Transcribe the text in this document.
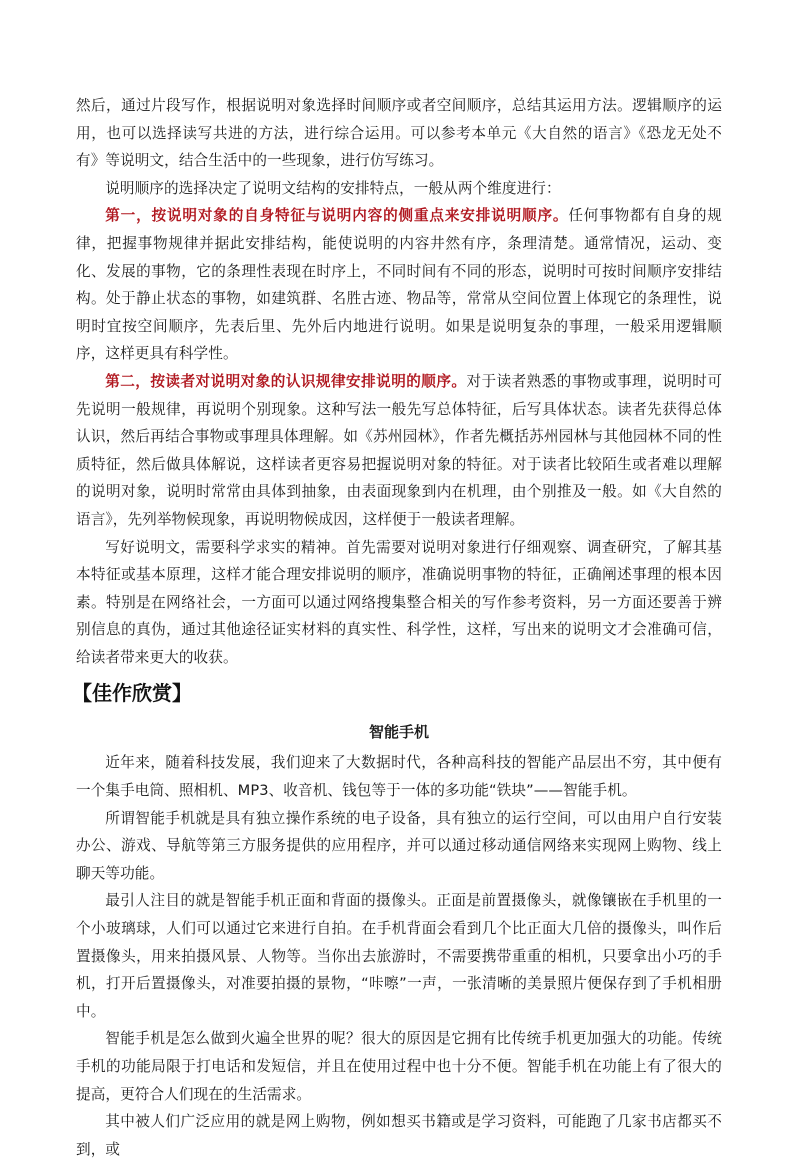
然后，通过片段写作，根据说明对象选择时间顺序或者空间顺序，总结其运用方法。逻辑顺序的运用，也可以选择读写共进的方法，进行综合运用。可以参考本单元《大自然的语言》《恐龙无处不有》等说明文，结合生活中的一些现象，进行仿写练习。

说明顺序的选择决定了说明文结构的安排特点，一般从两个维度进行：

第一，按说明对象的自身特征与说明内容的侧重点来安排说明顺序。任何事物都有自身的规律，把握事物规律并据此安排结构，能使说明的内容井然有序，条理清楚。通常情况，运动、变化、发展的事物，它的条理性表现在时序上，不同时间有不同的形态，说明时可按时间顺序安排结构。处于静止状态的事物，如建筑群、名胜古迹、物品等，常常从空间位置上体现它的条理性，说明时宜按空间顺序，先表后里、先外后内地进行说明。如果是说明复杂的事理，一般采用逻辑顺序，这样更具有科学性。

第二，按读者对说明对象的认识规律安排说明的顺序。对于读者熟悉的事物或事理，说明时可先说明一般规律，再说明个别现象。这种写法一般先写总体特征，后写具体状态。读者先获得总体认识，然后再结合事物或事理具体理解。如《苏州园林》，作者先概括苏州园林与其他园林不同的性质特征，然后做具体解说，这样读者更容易把握说明对象的特征。对于读者比较陌生或者难以理解的说明对象，说明时常常由具体到抽象，由表面现象到内在机理，由个别推及一般。如《大自然的语言》，先列举物候现象，再说明物候成因，这样便于一般读者理解。

写好说明文，需要科学求实的精神。首先需要对说明对象进行仔细观察、调查研究，了解其基本特征或基本原理，这样才能合理安排说明的顺序，准确说明事物的特征，正确阐述事理的根本因素。特别是在网络社会，一方面可以通过网络搜集整合相关的写作参考资料，另一方面还要善于辨别信息的真伪，通过其他途径证实材料的真实性、科学性，这样，写出来的说明文才会准确可信，给读者带来更大的收获。

【佳作欣赏】
智能手机

近年来，随着科技发展，我们迎来了大数据时代，各种高科技的智能产品层出不穷，其中便有一个集手电筒、照相机、MP3、收音机、钱包等于一体的多功能“铁块”——智能手机。

所谓智能手机就是具有独立操作系统的电子设备，具有独立的运行空间，可以由用户自行安装办公、游戏、导航等第三方服务提供的应用程序，并可以通过移动通信网络来实现网上购物、线上聊天等功能。

最引人注目的就是智能手机正面和背面的摄像头。正面是前置摄像头，就像镶嵌在手机里的一个小玻璃球，人们可以通过它来进行自拍。在手机背面会看到几个比正面大几倍的摄像头，叫作后置摄像头，用来拍摄风景、人物等。当你出去旅游时，不需要携带重重的相机，只要拿出小巧的手机，打开后置摄像头，对准要拍摄的景物，“咔嚓”一声，一张清晰的美景照片便保存到了手机相册中。

智能手机是怎么做到火遍全世界的呢？很大的原因是它拥有比传统手机更加强大的功能。传统手机的功能局限于打电话和发短信，并且在使用过程中也十分不便。智能手机在功能上有了很大的提高，更符合人们现在的生活需求。

其中被人们广泛应用的就是网上购物，例如想买书籍或是学习资料，可能跑了几家书店都买不到，或
